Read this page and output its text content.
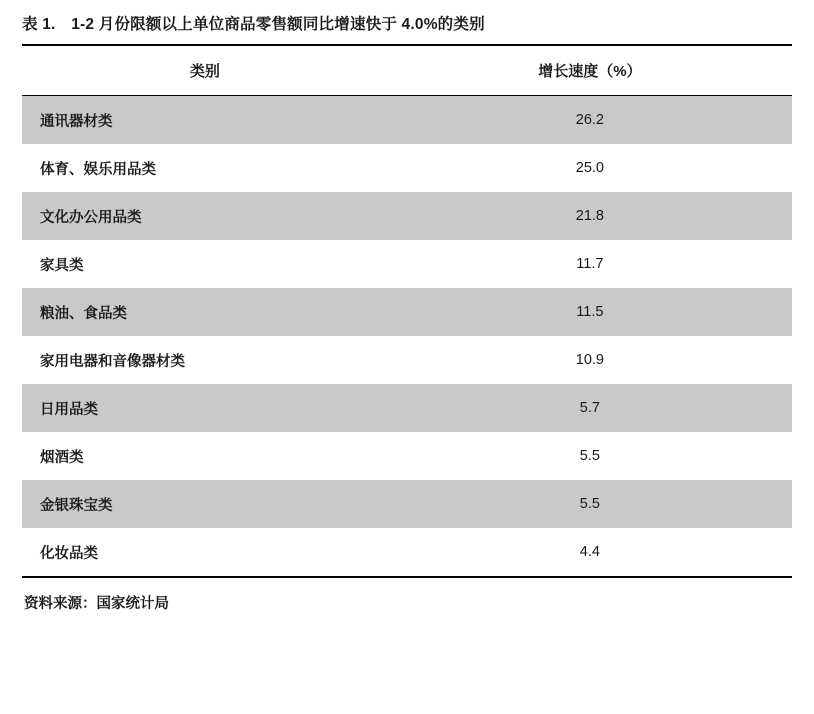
表 1.　1-2 月份限额以上单位商品零售额同比增速快于 4.0%的类别
类别	增长速度（%）
通讯器材类	26.2
体育、娱乐用品类	25.0
文化办公用品类	21.8
家具类	11.7
粮油、食品类	11.5
家用电器和音像器材类	10.9
日用品类	5.7
烟酒类	5.5
金银珠宝类	5.5
化妆品类	4.4
资料来源：国家统计局
